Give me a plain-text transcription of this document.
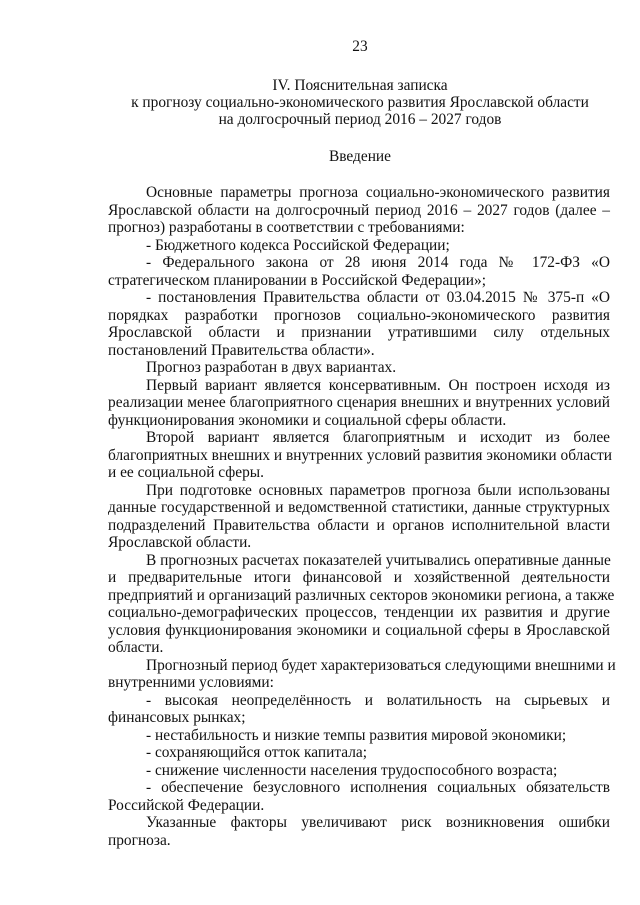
23
IV. Пояснительная записка
к прогнозу социально-экономического развития Ярославской области
на долгосрочный период 2016 – 2027 годов
Введение
Основные параметры прогноза социально-экономического развития
Ярославской области на долгосрочный период 2016 – 2027 годов (далее –
прогноз) разработаны в соответствии с требованиями:
- Бюджетного кодекса Российской Федерации;
- Федерального закона от 28 июня 2014 года № 172-ФЗ «О
стратегическом планировании в Российской Федерации»;
- постановления Правительства области от 03.04.2015 № 375-п «О
порядках разработки прогнозов социально-экономического развития
Ярославской области и признании утратившими силу отдельных
постановлений Правительства области».
Прогноз разработан в двух вариантах.
Первый вариант является консервативным. Он построен исходя из
реализации менее благоприятного сценария внешних и внутренних условий
функционирования экономики и социальной сферы области.
Второй вариант является благоприятным и исходит из более
благоприятных внешних и внутренних условий развития экономики области
и ее социальной сферы.
При подготовке основных параметров прогноза были использованы
данные государственной и ведомственной статистики, данные структурных
подразделений Правительства области и органов исполнительной власти
Ярославской области.
В прогнозных расчетах показателей учитывались оперативные данные
и предварительные итоги финансовой и хозяйственной деятельности
предприятий и организаций различных секторов экономики региона, а также
социально-демографических процессов, тенденции их развития и другие
условия функционирования экономики и социальной сферы в Ярославской
области.
Прогнозный период будет характеризоваться следующими внешними и
внутренними условиями:
- высокая неопределённость и волатильность на сырьевых и
финансовых рынках;
- нестабильность и низкие темпы развития мировой экономики;
- сохраняющийся отток капитала;
- снижение численности населения трудоспособного возраста;
- обеспечение безусловного исполнения социальных обязательств
Российской Федерации.
Указанные факторы увеличивают риск возникновения ошибки
прогноза.
